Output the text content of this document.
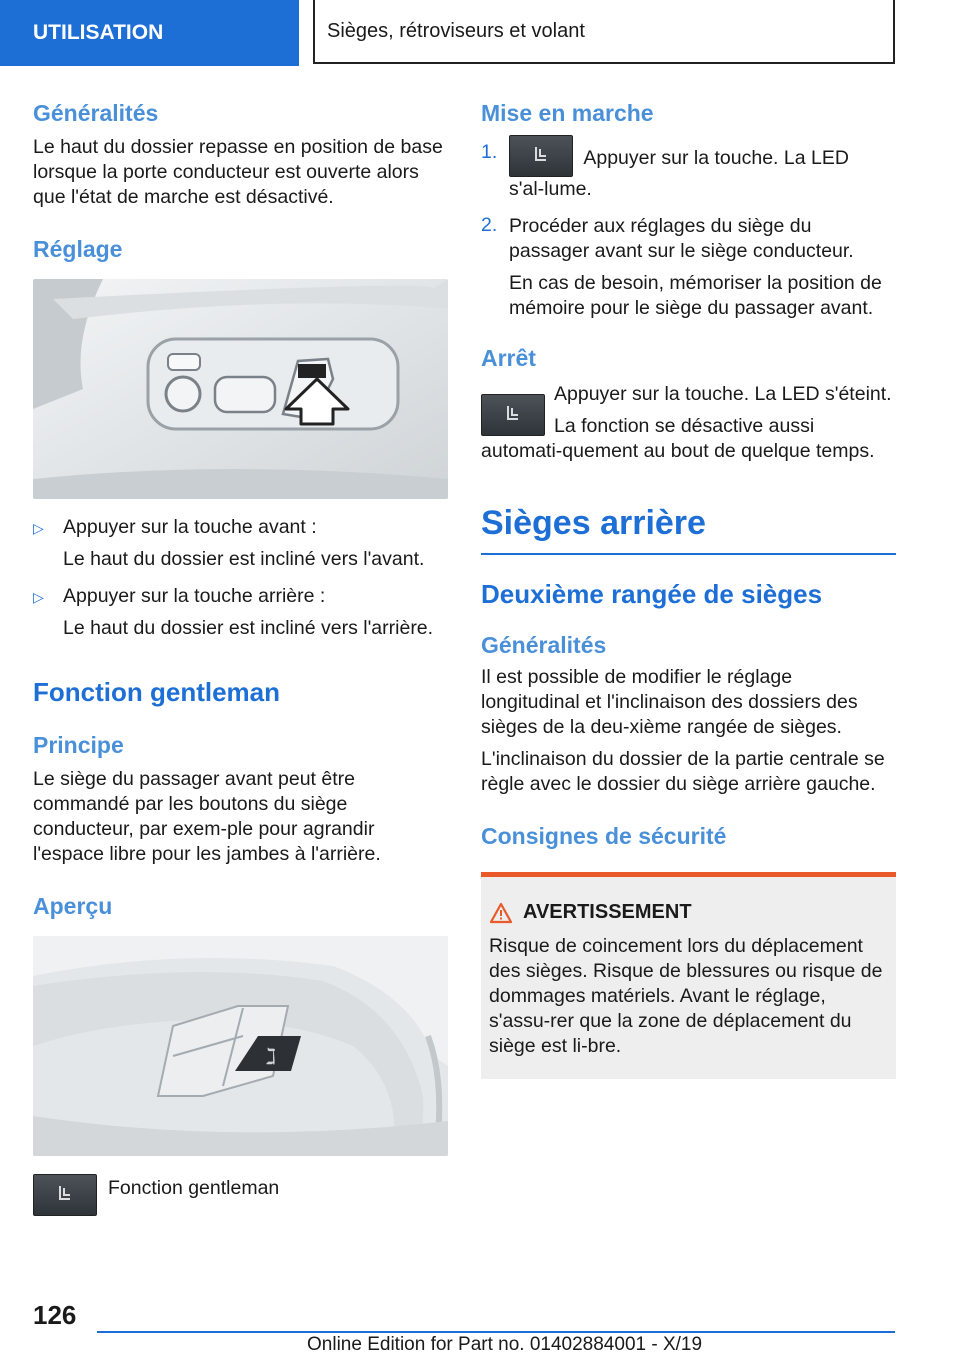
UTILISATION	Sièges, rétroviseurs et volant
Généralités

Le haut du dossier repasse en position de base lorsque la porte conducteur est ouverte alors que l'état de marche est désactivé.

Réglage
▷ Appuyer sur la touche avant :
Le haut du dossier est incliné vers l'avant.
▷ Appuyer sur la touche arrière :
Le haut du dossier est incliné vers l'arrière.
Fonction gentleman
Principe

Le siège du passager avant peut être commandé par les boutons du siège conducteur, par exem‑ple pour agrandir l'espace libre pour les jambes à l'arrière.

Aperçu
ℷ
Fonction gentleman
Mise en marche
1.	Appuyer sur la touche. La LED s'al‑lume.
2. Procéder aux réglages du siège du passager avant sur le siège conducteur.

En cas de besoin, mémoriser la position de mémoire pour le siège du passager avant.

Arrêt

Appuyer sur la touche. La LED s'éteint.

La fonction se désactive aussi automati‑quement au bout de quelque temps.

Sièges arrière
Deuxième rangée de sièges
Généralités

Il est possible de modifier le réglage longitudinal et l'inclinaison des dossiers des sièges de la deu‑xième rangée de sièges.

L'inclinaison du dossier de la partie centrale se règle avec le dossier du siège arrière gauche.

Consignes de sécurité
AVERTISSEMENT

Risque de coincement lors du déplacement des sièges. Risque de blessures ou risque de dommages matériels. Avant le réglage, s'assu‑rer que la zone de déplacement du siège est li‑bre.

126
Online Edition for Part no. 01402884001 - X/19
